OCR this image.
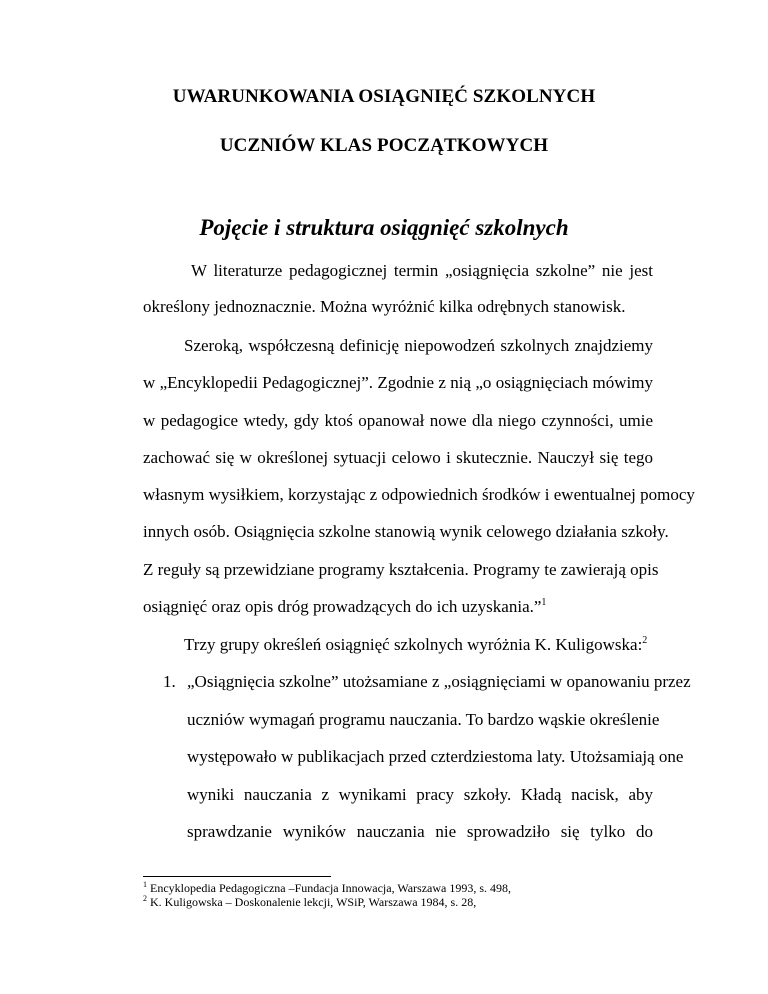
UWARUNKOWANIA OSIĄGNIĘĆ SZKOLNYCH
UCZNIÓW KLAS POCZĄTKOWYCH
Pojęcie i struktura osiągnięć szkolnych
W literaturze pedagogicznej termin „osiągnięcia szkolne” nie jest
określony jednoznacznie. Można wyróżnić kilka odrębnych stanowisk.
Szeroką, współczesną definicję niepowodzeń szkolnych znajdziemy
w „Encyklopedii Pedagogicznej”. Zgodnie z nią „o osiągnięciach mówimy
w pedagogice wtedy, gdy ktoś opanował nowe dla niego czynności, umie
zachować się w określonej sytuacji celowo i skutecznie. Nauczył się tego
własnym wysiłkiem, korzystając z odpowiednich środków i ewentualnej pomocy
innych osób. Osiągnięcia szkolne stanowią wynik celowego działania szkoły.
Z reguły są przewidziane programy kształcenia. Programy te zawierają opis
osiągnięć oraz opis dróg prowadzących do ich uzyskania.”$^1$
Trzy grupy określeń osiągnięć szkolnych wyróżnia K. Kuligowska:$^2$
1. „Osiągnięcia szkolne” utożsamiane z „osiągnięciami w opanowaniu przez
uczniów wymagań programu nauczania. To bardzo wąskie określenie
występowało w publikacjach przed czterdziestoma laty. Utożsamiają one
wyniki nauczania z wynikami pracy szkoły. Kładą nacisk, aby
sprawdzanie wyników nauczania nie sprowadziło się tylko do
$^1$ Encyklopedia Pedagogiczna –Fundacja Innowacja, Warszawa 1993, s. 498,
$^2$ K. Kuligowska – Doskonalenie lekcji, WSiP, Warszawa 1984, s. 28,
